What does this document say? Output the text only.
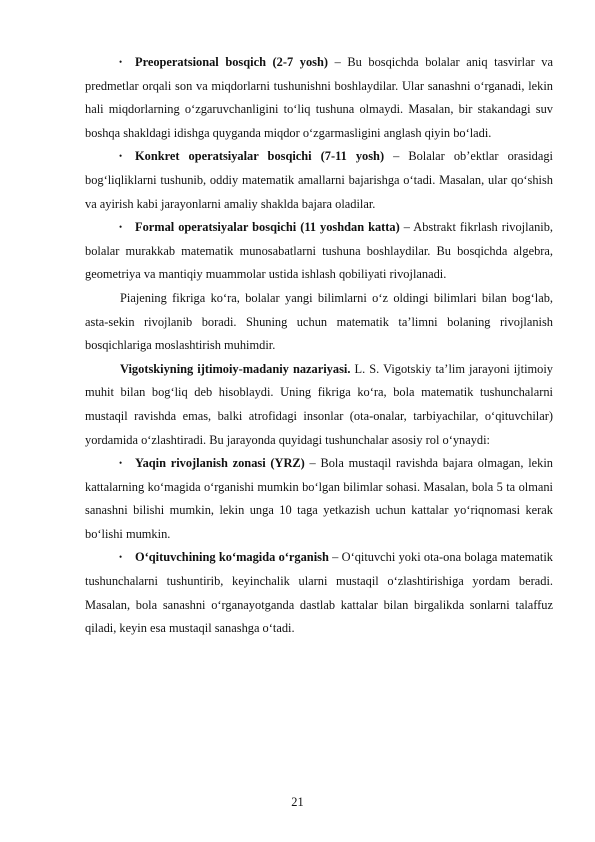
• Preoperatsional bosqich (2-7 yosh) – Bu bosqichda bolalar aniq tasvirlar va predmetlar orqali son va miqdorlarni tushunishni boshlaydilar. Ular sanashni o‘rganadi, lekin hali miqdorlarning o‘zgaruvchanligini to‘liq tushuna olmaydi. Masalan, bir stakandagi suv boshqa shakldagi idishga quyganda miqdor o‘zgarmasligini anglash qiyin bo‘ladi.

• Konkret operatsiyalar bosqichi (7-11 yosh) – Bolalar ob’ektlar orasidagi bog‘liqliklarni tushunib, oddiy matematik amallarni bajarishga o‘tadi. Masalan, ular qo‘shish va ayirish kabi jarayonlarni amaliy shaklda bajara oladilar.

• Formal operatsiyalar bosqichi (11 yoshdan katta) – Abstrakt fikrlash rivojlanib, bolalar murakkab matematik munosabatlarni tushuna boshlaydilar. Bu bosqichda algebra, geometriya va mantiqiy muammolar ustida ishlash qobiliyati rivojlanadi.

Piajening fikriga ko‘ra, bolalar yangi bilimlarni o‘z oldingi bilimlari bilan bog‘lab, asta-sekin rivojlanib boradi. Shuning uchun matematik ta’limni bolaning rivojlanish bosqichlariga moslashtirish muhimdir.

Vigotskiyning ijtimoiy-madaniy nazariyasi. L. S. Vigotskiy ta’lim jarayoni ijtimoiy muhit bilan bog‘liq deb hisoblaydi. Uning fikriga ko‘ra, bola matematik tushunchalarni mustaqil ravishda emas, balki atrofidagi insonlar (ota-onalar, tarbiyachilar, o‘qituvchilar) yordamida o‘zlashtiradi. Bu jarayonda quyidagi tushunchalar asosiy rol o‘ynaydi:

• Yaqin rivojlanish zonasi (YRZ) – Bola mustaqil ravishda bajara olmagan, lekin kattalarning ko‘magida o‘rganishi mumkin bo‘lgan bilimlar sohasi. Masalan, bola 5 ta olmani sanashni bilishi mumkin, lekin unga 10 taga yetkazish uchun kattalar yo‘riqnomasi kerak bo‘lishi mumkin.

• O‘qituvchining ko‘magida o‘rganish – O‘qituvchi yoki ota-ona bolaga matematik tushunchalarni tushuntirib, keyinchalik ularni mustaqil o‘zlashtirishiga yordam beradi. Masalan, bola sanashni o‘rganayotganda dastlab kattalar bilan birgalikda sonlarni talaffuz qiladi, keyin esa mustaqil sanashga o‘tadi.

21
